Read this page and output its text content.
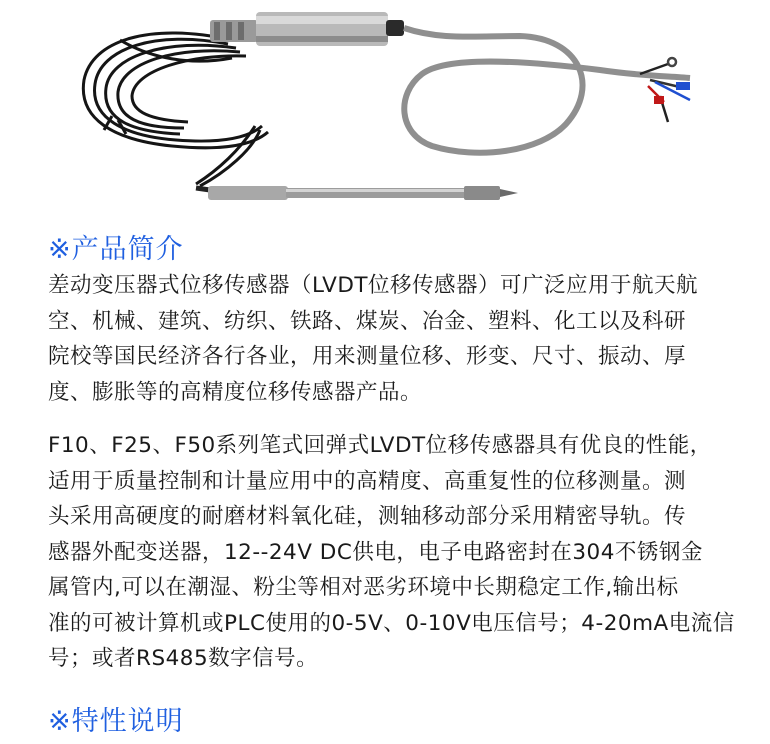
※产品简介
差动变压器式位移传感器（LVDT位移传感器）可广泛应用于航天航
空、机械、建筑、纺织、铁路、煤炭、冶金、塑料、化工以及科研
院校等国民经济各行各业，用来测量位移、形变、尺寸、振动、厚
度、膨胀等的高精度位移传感器产品。
F10、F25、F50系列笔式回弹式LVDT位移传感器具有优良的性能，
适用于质量控制和计量应用中的高精度、高重复性的位移测量。测
头采用高硬度的耐磨材料氧化硅，测轴移动部分采用精密导轨。传
感器外配变送器，12--24V DC供电，电子电路密封在304不锈钢金
属管内,可以在潮湿、粉尘等相对恶劣环境中长期稳定工作,输出标
准的可被计算机或PLC使用的0-5V、0-10V电压信号；4-20mA电流信
号；或者RS485数字信号。
※特性说明
